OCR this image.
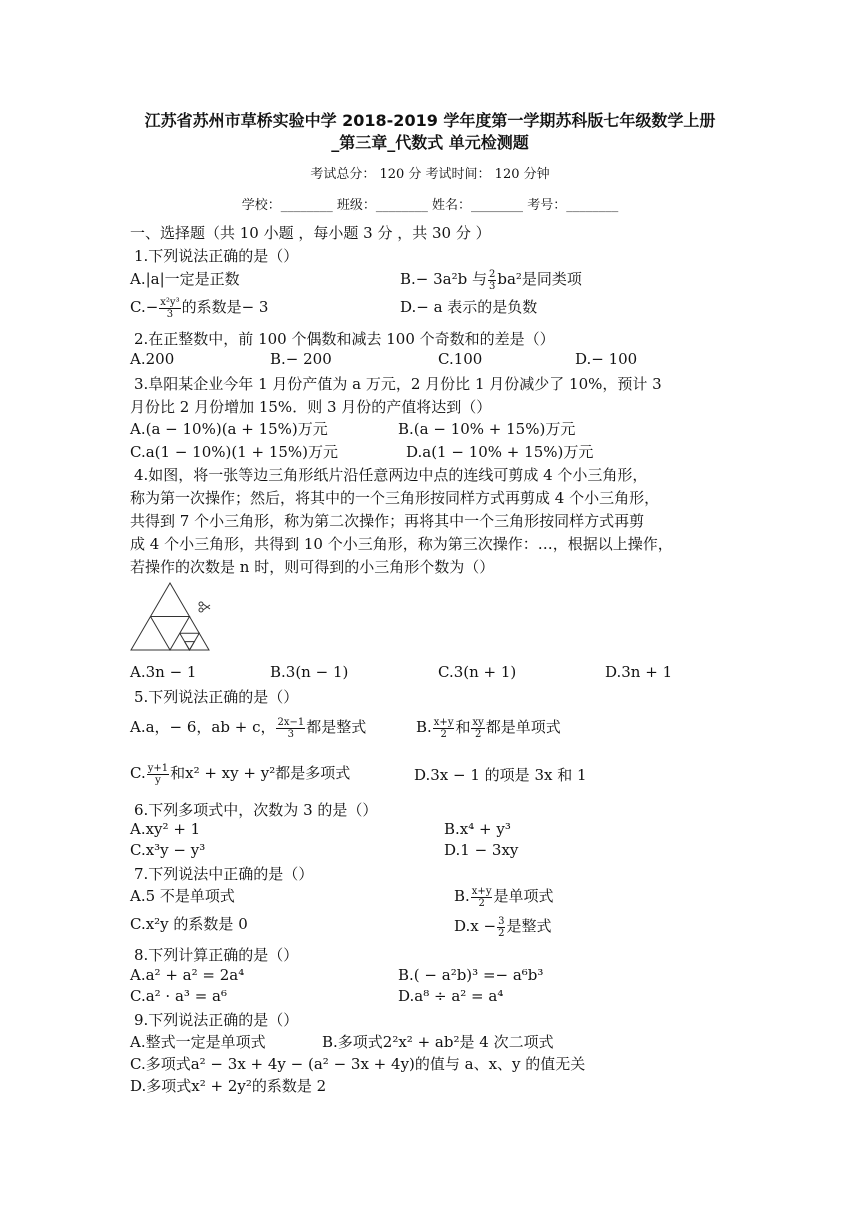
江苏省苏州市草桥实验中学 2018-2019 学年度第一学期苏科版七年级数学上册
_第三章_代数式 单元检测题
考试总分： 120 分 考试时间： 120 分钟
学校：________ 班级：________ 姓名：________ 考号：________
一、选择题（共 10 小题 ，每小题 3 分 ，共 30 分 ）
1.下列说法正确的是（）
A.|a|一定是正数	B.− 3a²b 与 $\frac{2}{3} ba^2$是同类项
$C.- \frac{\text{x²y³}}{3}$ 的系数是− 3	D.− a 表示的是负数
2.在正整数中，前 100 个偶数和减去 100 个奇数和的差是（）
A.200	B.− 200	C.100	D.− 100
3.阜阳某企业今年 1 月份产值为 a 万元，2 月份比 1 月份减少了 10%，预计 3
月份比 2 月份增加 15%．则 3 月份的产值将达到（）
A.(a − 10%)(a + 15%)万元	B.(a − 10% + 15%)万元
C.a(1 − 10%)(1 + 15%)万元	D.a(1 − 10% + 15%)万元
4.如图，将一张等边三角形纸片沿任意两边中点的连线可剪成 4 个小三角形，
称为第一次操作；然后，将其中的一个三角形按同样方式再剪成 4 个小三角形，
共得到 7 个小三角形，称为第二次操作；再将其中一个三角形按同样方式再剪
成 4 个小三角形，共得到 10 个小三角形，称为第三次操作：…，根据以上操作，
若操作的次数是 n 时，则可得到的小三角形个数为（）
A.3n − 1	B.3(n − 1)	C.3(n + 1)	D.3n + 1
5.下列说法正确的是（）
A.a，− 6，ab + c， $\frac{2x-1}{3}$ 都是整式	B. $\frac{x+y}{2}$ 和 $\frac{xy}{2}$ 都是单项式
C. $\frac{y+1}{y}$ 和x² + xy + y²都是多项式	D.3x − 1 的项是 3x 和 1
6.下列多项式中，次数为 3 的是（）
A.xy² + 1	B.x⁴ + y³
C.x³y − y³	D.1 − 3xy
7.下列说法中正确的是（）
A.5 不是单项式	B. $\frac{x+y}{2}$ 是单项式
C.x²y 的系数是 0	$D.x - \frac{3}{2}$ 是整式
8.下列计算正确的是（）
A.a² + a² = 2a⁴	B.( − a²b)³ =− a⁶b³
C.a² · a³ = a⁶	D.a⁸ ÷ a² = a⁴
9.下列说法正确的是（）
A.整式一定是单项式	B.多项式2²x² + ab²是 4 次二项式
C.多项式a² − 3x + 4y − (a² − 3x + 4y)的值与 a、x、y 的值无关
D.多项式x² + 2y²的系数是 2
